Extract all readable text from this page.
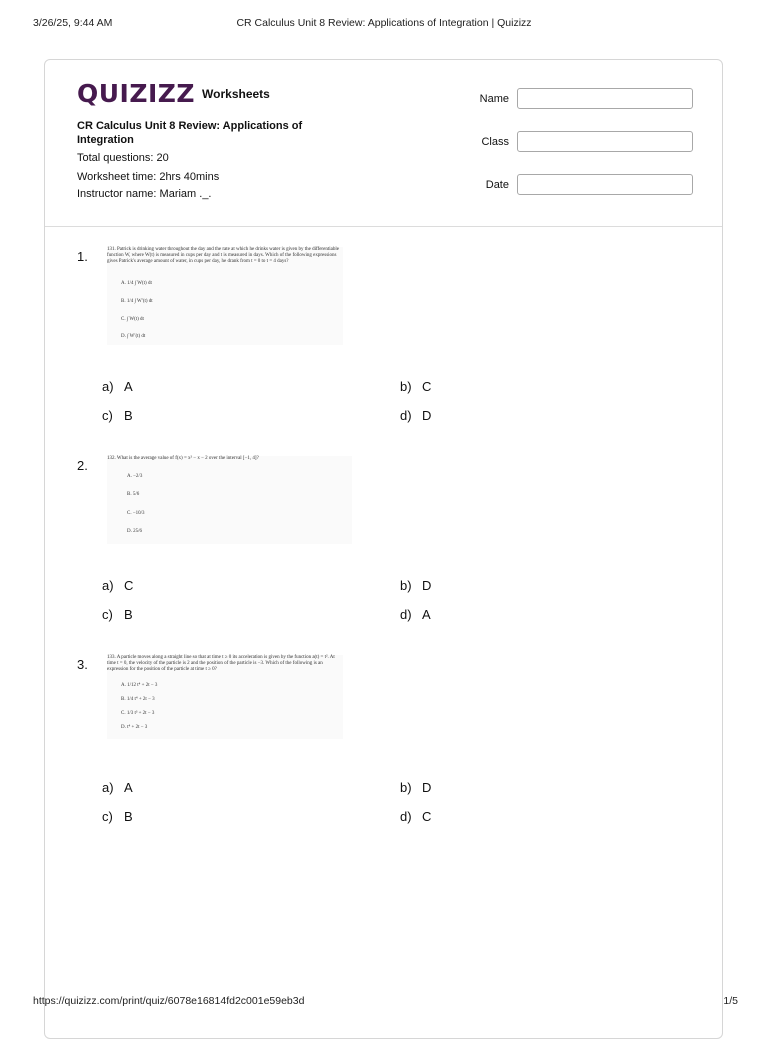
3/26/25, 9:44 AM	CR Calculus Unit 8 Review: Applications of Integration | Quizizz
QUIZIZZ Worksheets
CR Calculus Unit 8 Review: Applications of Integration
Total questions: 20
Worksheet time: 2hrs 40mins
Instructor name: Mariam ._.
Name
Class
Date
1.	131. Patrick is drinking water throughout the day and the rate at which he drinks water is given by the differentiable function W, where W(t) is measured in cups per day and t is measured in days. Which of the following expressions gives Patrick's average amount of water, in cups per day, he drank from t = 0 to t = 4 days?
A. 1/4 ∫ W(t) dt
B. 1/4 ∫ W′(t) dt
C. ∫ W(t) dt
D. ∫ W′(t) dt
a) A	b) C
c) B	d) D
2.	132. What is the average value of f(x) = x² − x − 2 over the interval [−1, 4]?
A. −2/3
B. 5/6
C. −10/3
D. 25/6
a) C	b) D
c) B	d) A
3.	133. A particle moves along a straight line so that at time t ≥ 0 its acceleration is given by the function a(t) = t². At time t = 0, the velocity of the particle is 2 and the position of the particle is −3. Which of the following is an expression for the position of the particle at time t ≥ 0?
A. 1/12 t⁴ + 2t − 3
B. 1/4 t⁴ + 2t − 3
C. 1/3 t³ + 2t − 3
D. t⁴ + 2t − 3
a) A	b) D
c) B	d) C
https://quizizz.com/print/quiz/6078e16814fd2c001e59eb3d	1/5
